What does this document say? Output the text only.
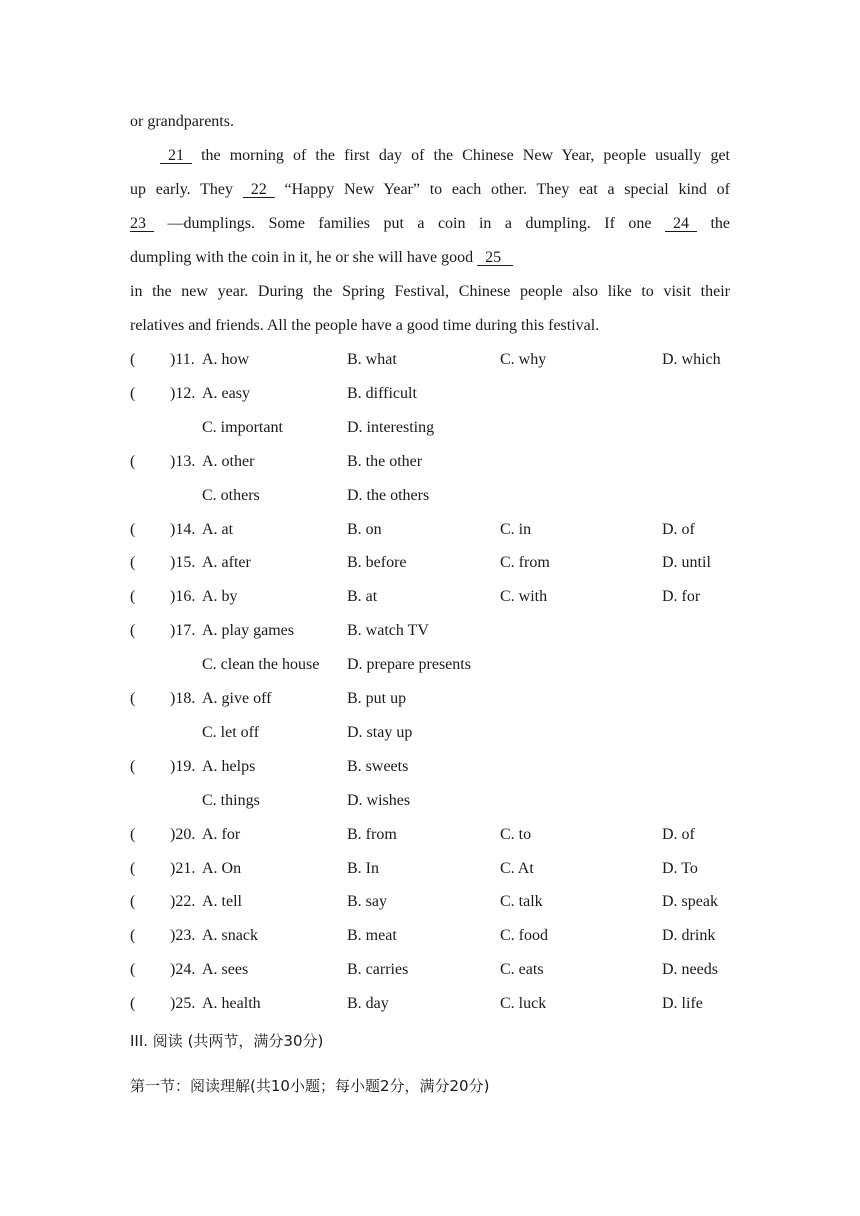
or grandparents.
21   the morning of the first day of the Chinese New Year, people usually get
up early. They   22   “Happy New Year” to each other. They eat a special kind of
23   —dumplings. Some families put a coin in a dumpling. If one   24   the
dumpling with the coin in it, he or she will have good   25
in the new year. During the Spring Festival, Chinese people also like to visit their
relatives and friends. All the people have a good time during this festival.
( )11. A. how	B. what	C. why	D. which
( )12. A. easy	B. difficult
C. important	D. interesting
( )13. A. other	B. the other
C. others	D. the others
( )14. A. at	B. on	C. in	D. of
( )15. A. after	B. before	C. from	D. until
( )16. A. by	B. at	C. with	D. for
( )17. A. play games	B. watch TV
C. clean the house D. prepare presents
( )18. A. give off	B. put up
C. let off	D. stay up
( )19. A. helps	B. sweets
C. things	D. wishes
( )20. A. for	B. from	C. to	D. of
( )21. A. On	B. In	C. At	D. To
( )22. A. tell	B. say	C. talk	D. speak
( )23. A. snack	B. meat	C. food	D. drink
( )24. A. sees	B. carries	C. eats	D. needs
( )25. A. health	B. day	C. luck	D. life
III. 阅读 (共两节，满分30分)
第一节：阅读理解(共10小题；每小题2分，满分20分)
